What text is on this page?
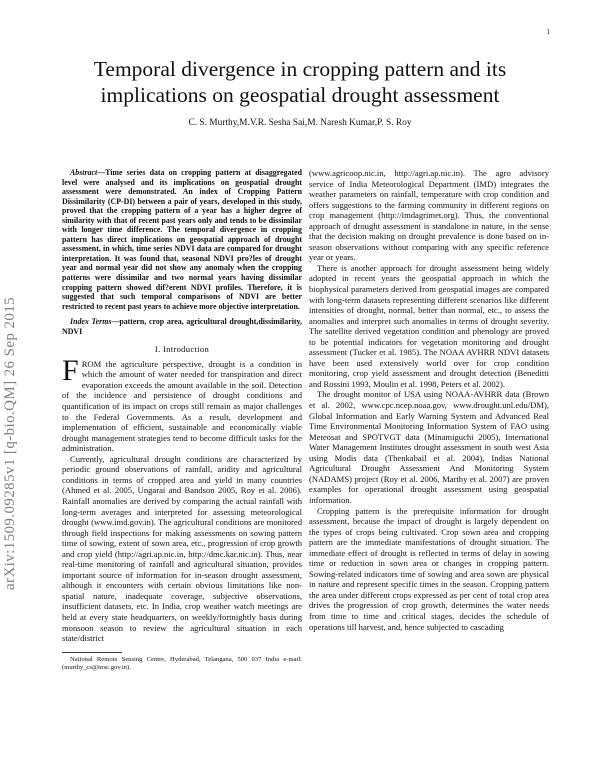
1
arXiv:1509.09285v1 [q-bio.QM] 26 Sep 2015
Temporal divergence in cropping pattern and its implications on geospatial drought assessment
C. S. Murthy,M.V.R. Sesha Sai,M. Naresh Kumar,P. S. Roy

Abstract—Time series data on cropping pattern at disaggregated level were analysed and its implications on geospatial drought assessment were demonstrated. An index of Cropping Pattern Dissimilarity (CP-DI) between a pair of years, developed in this study, proved that the cropping pattern of a year has a higher degree of similarity with that of recent past years only and tends to be dissimilar with longer time difference. The temporal divergence in cropping pattern has direct implications on geospatial approach of drought assessment, in which, time series NDVI data are compared for drought interpretation. It was found that, seasonal NDVI pro?les of drought year and normal year did not show any anomaly when the cropping patterns were dissimilar and two normal years having dissimilar cropping pattern showed dif?erent NDVI profiles. Therefore, it is suggested that such temporal comparisons of NDVI are better restricted to recent past years to achieve more objective interpretation.

Index Terms—pattern, crop area, agricultural drought,dissimilarity, NDVI

I. Introduction

FROM the agriculture perspective, drought is a condition in which the amount of water needed for transpiration and direct evaporation exceeds the amount available in the soil. Detection of the incidence and persistence of drought conditions and quantification of its impact on crops still remain as major challenges to the Federal Governments. As a result, development and implementation of efficient, sustainable and economically viable drought management strategies tend to become difficult tasks for the administration.

Currently, agricultural drought conditions are characterized by periodic ground observations of rainfall, aridity and agricultural conditions in terms of cropped area and yield in many countries (Ahmed et al. 2005, Ungarai and Bandson 2005, Roy et al. 2006). Rainfall anomalies are derived by comparing the actual rainfall with long-term averages and interpreted for assessing meteorological drought (www.imd.gov.in). The agricultural conditions are monitored through field inspections for making assessments on sowing pattern time of sowing, extent of sown area, etc., progression of crop growth and crop yield (http://agri.ap.nic.in, http://dmc.kar.nic.in). Thus, near real-time monitoring of rainfall and agricultural situation, provides important source of information for in-season drought assessment, although it encounters with certain obvious limitations like non-spatial nature, inadequate coverage, subjective observations, insufficient datasets, etc. In India, crop weather watch meetings are held at every state headquarters, on weekly/fortnightly basis during monsoon season to review the agricultural situation in each state/district

National Remote Sensing Centre, Hyderabad, Telangana, 500 037 India e-mail: (murthy_cs@nrsc.gov.in).

(www.agricoop.nic.in, http://agri.ap.nic.in). The agro advisory service of India Meteorological Department (IMD) integrates the weather parameters on rainfall, temperature with crop condition and offers suggestions to the farming community in different regions on crop management (http://imdagrimet.org). Thus, the conventional approach of drought assessment is standalone in nature, in the sense that the decision making on drought prevalence is done based on in-season observations without comparing with any specific reference year or years.

There is another approach for drought assessment being widely adopted in recent years the geospatial approach in which the biophysical parameters derived from geospatial images are compared with long-term datasets representing different scenarios like different intensities of drought, normal, better than normal, etc., to assess the anomalies and interpret such anomalies in terms of drought severity. The satellite derived vegetation condition and phenology are proved to be potential indicators for vegetation monitoring and drought assessment (Tucker et al. 1985). The NOAA AVHRR NDVI datasets have been used extensively world over for crop condition monitoring, crop yield assessment and drought detection (Beneditti and Rossini 1993, Moulin et al. 1998, Peters et al. 2002).

The drought monitor of USA using NOAA-AVHRR data (Brown et al. 2002, www.cpc.ncep.noaa.gov, www.drought.unl.edu/DM), Global Information and Early Warning System and Advanced Real Time Environmental Monitoring Information System of FAO using Meteosat and SPOTVGT data (Minamiguchi 2005), International Water Management Institutes drought assessment in south west Asia using Modis data (Thenkabail et al. 2004), Indias National Agricultural Drought Assessment And Monitoring System (NADAMS) project (Roy et al. 2006, Marthy et al. 2007) are proven examples for operational drought assessment using geospatial information.

Cropping pattern is the prerequisite information for drought assessment, because the impact of drought is largely dependent on the types of crops being cultivated. Crop sown area and cropping pattern are the immediate manifestations of drought situation. The immediate effect of drought is reflected in terms of delay in sowing time or reduction in sown area or changes in cropping pattern. Sowing-related indicators time of sowing and area sown are physical in nature and represent specific times in the season. Cropping pattern the area under different crops expressed as per cent of total crop area drives the progression of crop growth, determines the water needs from time to time and critical stages, decides the schedule of operations till harvest, and, hence subjected to cascading
